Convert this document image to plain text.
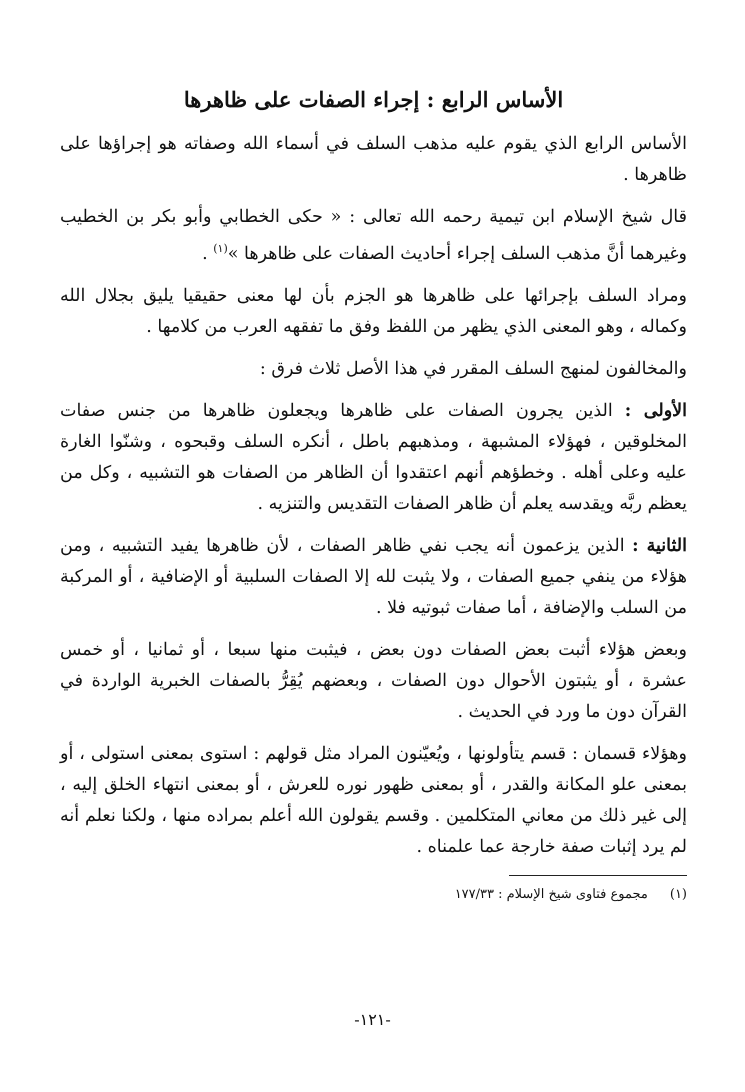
الأساس الرابع : إجراء الصفات على ظاهرها

الأساس الرابع الذي يقوم عليه مذهب السلف في أسماء الله وصفاته هو إجراؤها على ظاهرها .

قال شيخ الإسلام ابن تيمية رحمه الله تعالى : « حكى الخطابي وأبو بكر بن الخطيب وغيرهما أنَّ مذهب السلف إجراء أحاديث الصفات على ظاهرها »$^{(١)}$ .

ومراد السلف بإجرائها على ظاهرها هو الجزم بأن لها معنى حقيقيا يليق بجلال الله وكماله ، وهو المعنى الذي يظهر من اللفظ وفق ما تفقهه العرب من كلامها .

والمخالفون لمنهج السلف المقرر في هذا الأصل ثلاث فرق :

الأولى : الذين يجرون الصفات على ظاهرها ويجعلون ظاهرها من جنس صفات المخلوقين ، فهؤلاء المشبهة ، ومذهبهم باطل ، أنكره السلف وقبحوه ، وشنّوا الغارة عليه وعلى أهله . وخطؤهم أنهم اعتقدوا أن الظاهر من الصفات هو التشبيه ، وكل من يعظم ربَّه ويقدسه يعلم أن ظاهر الصفات التقديس والتنزيه .

الثانية : الذين يزعمون أنه يجب نفي ظاهر الصفات ، لأن ظاهرها يفيد التشبيه ، ومن هؤلاء من ينفي جميع الصفات ، ولا يثبت لله إلا الصفات السلبية أو الإضافية ، أو المركبة من السلب والإضافة ، أما صفات ثبوتيه فلا .

وبعض هؤلاء أثبت بعض الصفات دون بعض ، فيثبت منها سبعا ، أو ثمانيا ، أو خمس عشرة ، أو يثبتون الأحوال دون الصفات ، وبعضهم يُقِرُّ بالصفات الخبرية الواردة في القرآن دون ما ورد في الحديث .

وهؤلاء قسمان : قسم يتأولونها ، ويُعيّنون المراد مثل قولهم : استوى بمعنى استولى ، أو بمعنى علو المكانة والقدر ، أو بمعنى ظهور نوره للعرش ، أو بمعنى انتهاء الخلق إليه ، إلى غير ذلك من معاني المتكلمين . وقسم يقولون الله أعلم بمراده منها ، ولكنا نعلم أنه لم يرد إثبات صفة خارجة عما علمناه .

(١)مجموع فتاوى شيخ الإسلام : ١٧٧/٣٣
-١٢١-
